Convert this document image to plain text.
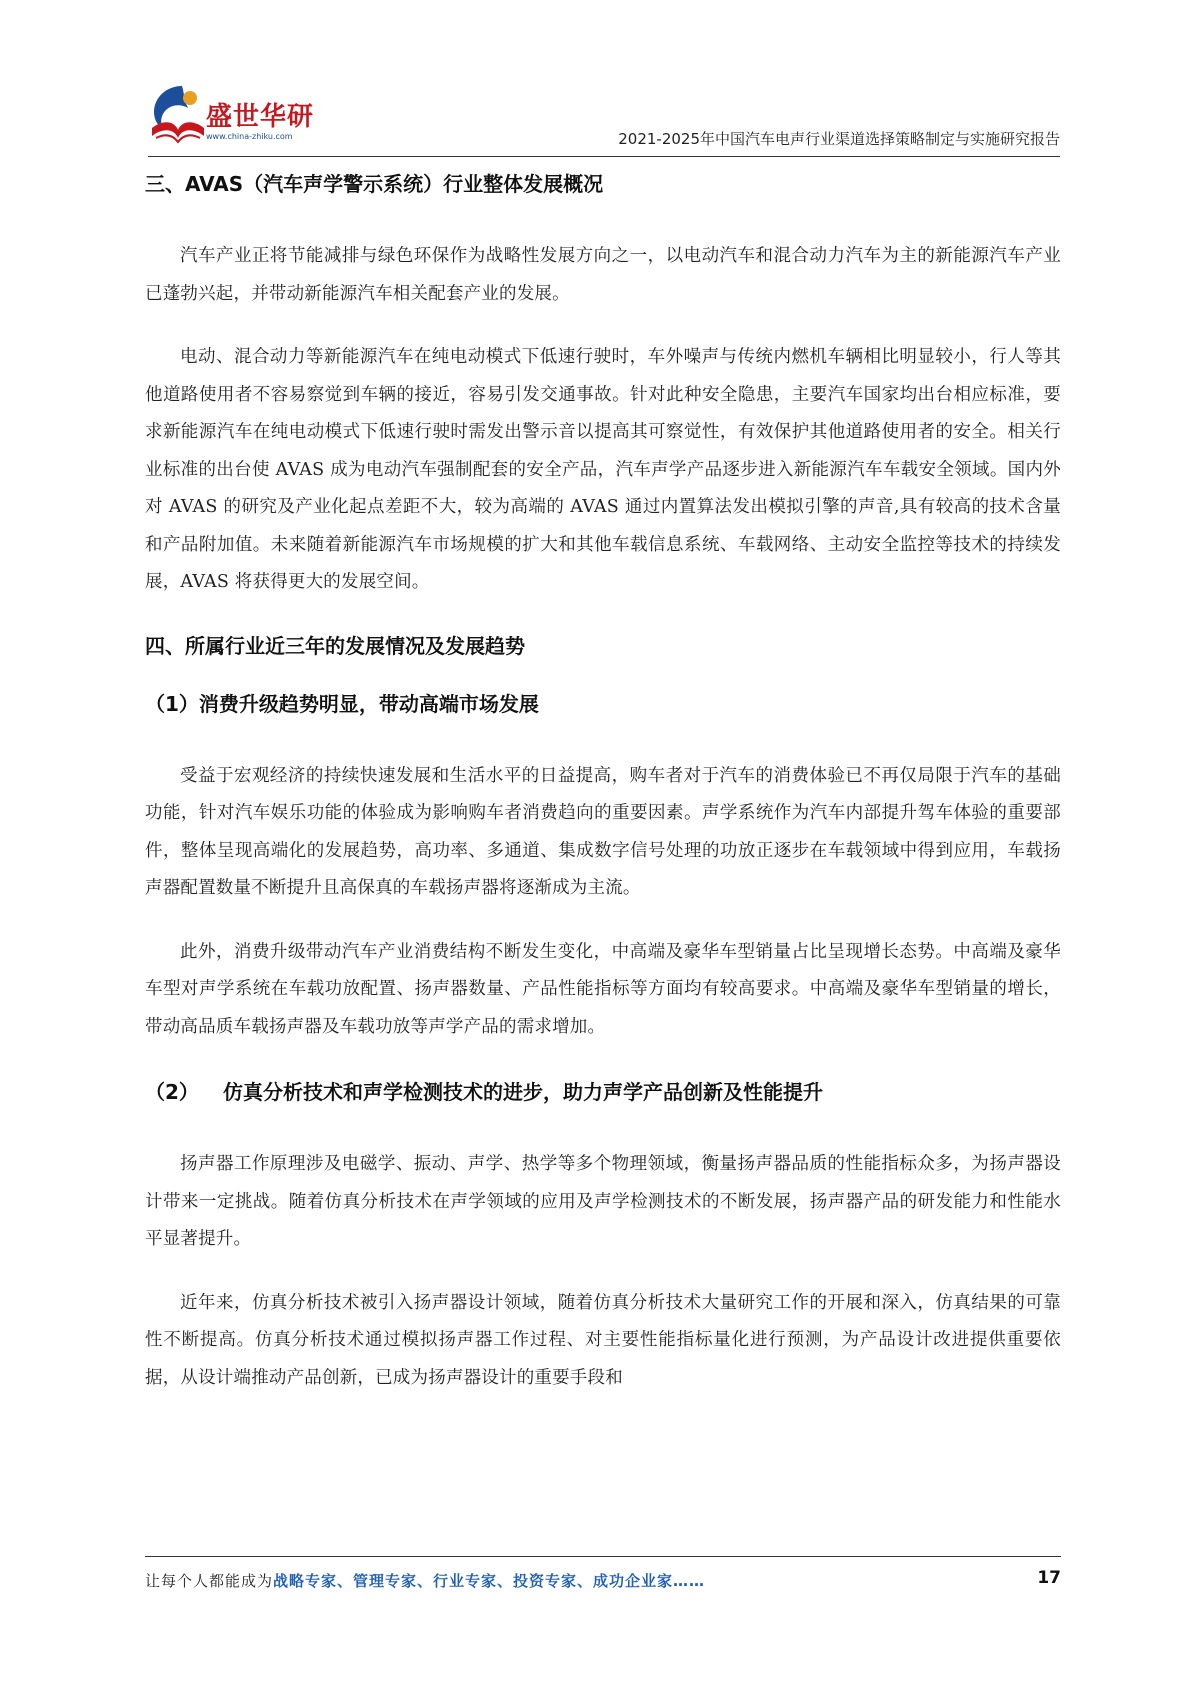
盛世华研
www.china-zhiku.com	2021-2025年中国汽车电声行业渠道选择策略制定与实施研究报告
三、AVAS（汽车声学警示系统）行业整体发展概况

汽车产业正将节能减排与绿色环保作为战略性发展方向之一，以电动汽车和混合动力汽车为主的新能源汽车产业已蓬勃兴起，并带动新能源汽车相关配套产业的发展。

电动、混合动力等新能源汽车在纯电动模式下低速行驶时，车外噪声与传统内燃机车辆相比明显较小，行人等其他道路使用者不容易察觉到车辆的接近，容易引发交通事故。针对此种安全隐患，主要汽车国家均出台相应标准，要求新能源汽车在纯电动模式下低速行驶时需发出警示音以提高其可察觉性，有效保护其他道路使用者的安全。相关行业标准的出台使 AVAS 成为电动汽车强制配套的安全产品，汽车声学产品逐步进入新能源汽车车载安全领域。国内外对 AVAS 的研究及产业化起点差距不大，较为高端的 AVAS 通过内置算法发出模拟引擎的声音,具有较高的技术含量和产品附加值。未来随着新能源汽车市场规模的扩大和其他车载信息系统、车载网络、主动安全监控等技术的持续发展，AVAS 将获得更大的发展空间。

四、所属行业近三年的发展情况及发展趋势
（1）消费升级趋势明显，带动高端市场发展

受益于宏观经济的持续快速发展和生活水平的日益提高，购车者对于汽车的消费体验已不再仅局限于汽车的基础功能，针对汽车娱乐功能的体验成为影响购车者消费趋向的重要因素。声学系统作为汽车内部提升驾车体验的重要部件，整体呈现高端化的发展趋势，高功率、多通道、集成数字信号处理的功放正逐步在车载领域中得到应用，车载扬声器配置数量不断提升且高保真的车载扬声器将逐渐成为主流。

此外，消费升级带动汽车产业消费结构不断发生变化，中高端及豪华车型销量占比呈现增长态势。中高端及豪华车型对声学系统在车载功放配置、扬声器数量、产品性能指标等方面均有较高要求。中高端及豪华车型销量的增长，带动高品质车载扬声器及车载功放等声学产品的需求增加。

（2） 仿真分析技术和声学检测技术的进步，助力声学产品创新及性能提升

扬声器工作原理涉及电磁学、振动、声学、热学等多个物理领域，衡量扬声器品质的性能指标众多，为扬声器设计带来一定挑战。随着仿真分析技术在声学领域的应用及声学检测技术的不断发展，扬声器产品的研发能力和性能水平显著提升。

近年来，仿真分析技术被引入扬声器设计领域，随着仿真分析技术大量研究工作的开展和深入，仿真结果的可靠性不断提高。仿真分析技术通过模拟扬声器工作过程、对主要性能指标量化进行预测，为产品设计改进提供重要依据，从设计端推动产品创新，已成为扬声器设计的重要手段和

让每个人都能成为战略专家、管理专家、行业专家、投资专家、成功企业家……	17
